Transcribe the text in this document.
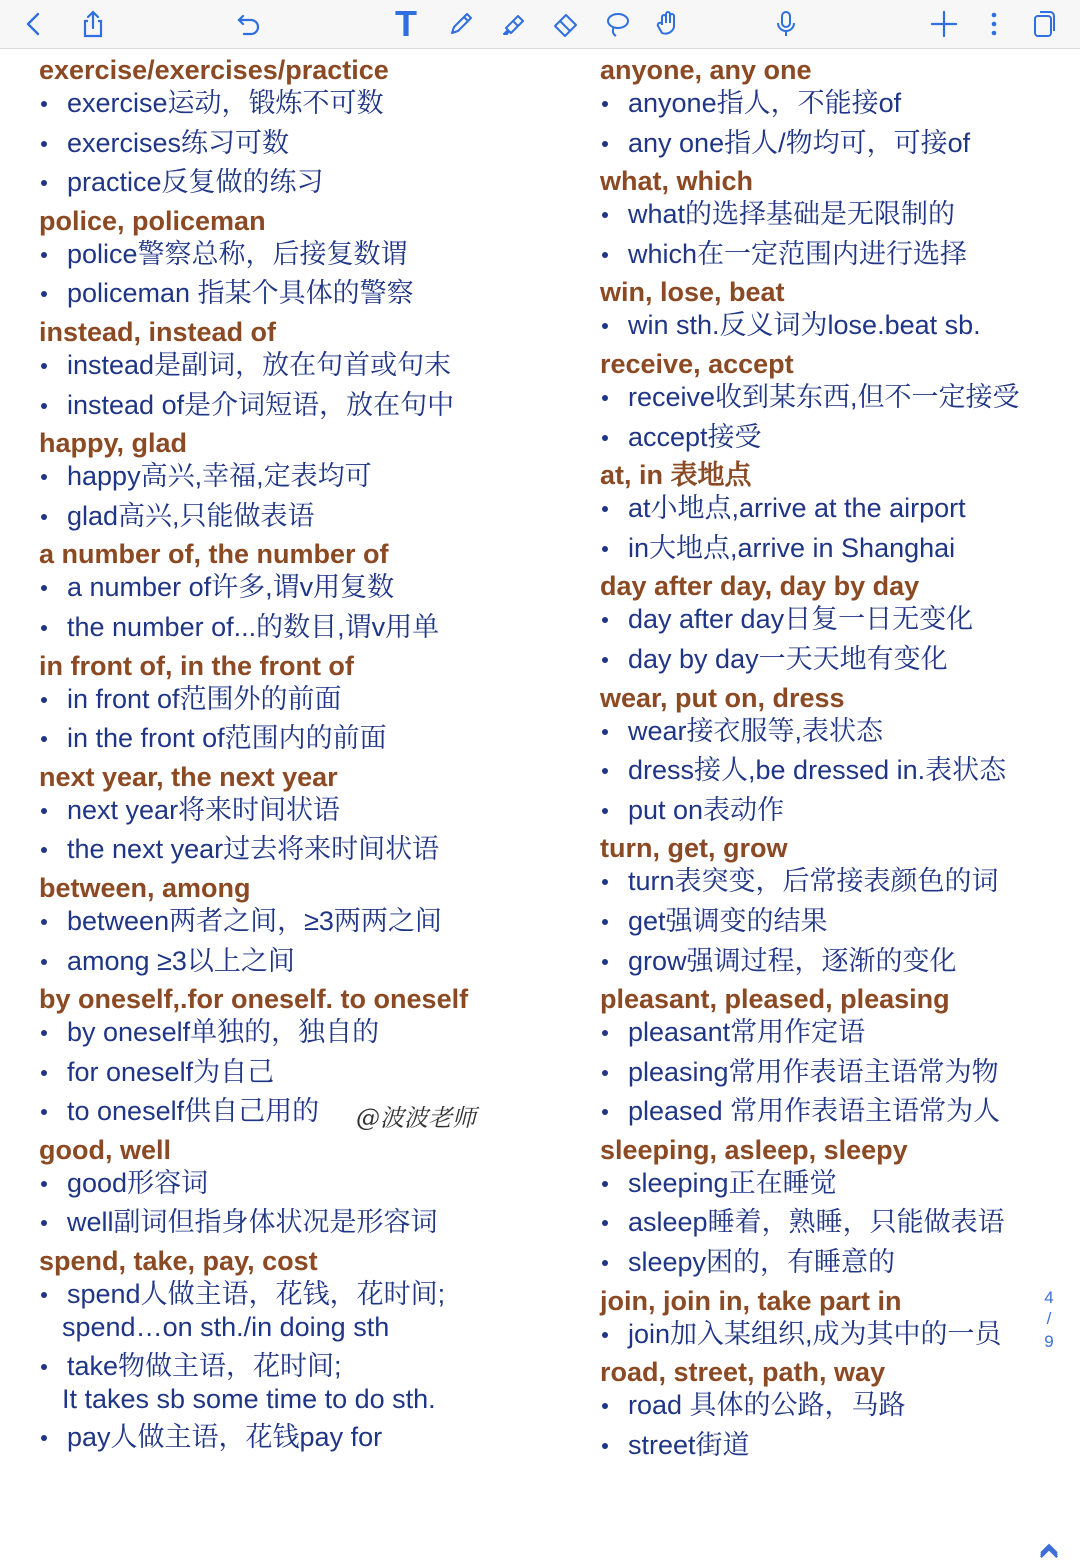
T
exercise/exercises/practice
exercise运动，锻炼不可数
exercises练习可数
practice反复做的练习
police, policeman
police警察总称，后接复数谓
policeman 指某个具体的警察
instead, instead of
instead是副词，放在句首或句末
instead of是介词短语，放在句中
happy, glad
happy高兴,幸福,定表均可
glad高兴,只能做表语
a number of, the number of
a number of许多,谓v用复数
the number of...的数目,谓v用单
in front of, in the front of
in front of范围外的前面
in the front of范围内的前面
next year, the next year
next year将来时间状语
the next year过去将来时间状语
between, among
between两者之间，≥3两两之间
among ≥3以上之间
by oneself,.for oneself. to oneself
by oneself单独的，独自的
for oneself为自己
to oneself供自己用的
good, well
good形容词
well副词但指身体状况是形容词
spend, take, pay, cost
spend人做主语，花钱，花时间;
spend…on sth./in doing sth
take物做主语，花时间;
It takes sb some time to do sth.
pay人做主语，花钱pay for
anyone, any one
anyone指人，不能接of
any one指人/物均可，可接of
what, which
what的选择基础是无限制的
which在一定范围内进行选择
win, lose, beat
win sth.反义词为lose.beat sb.
receive, accept
receive收到某东西,但不一定接受
accept接受
at, in 表地点
at小地点,arrive at the airport
in大地点,arrive in Shanghai
day after day, day by day
day after day日复一日无变化
day by day一天天地有变化
wear, put on, dress
wear接衣服等,表状态
dress接人,be dressed in.表状态
put on表动作
turn, get, grow
turn表突变，后常接表颜色的词
get强调变的结果
grow强调过程，逐渐的变化
pleasant, pleased, pleasing
pleasant常用作定语
pleasing常用作表语主语常为物
pleased 常用作表语主语常为人
sleeping, asleep, sleepy
sleeping正在睡觉
asleep睡着，熟睡，只能做表语
sleepy困的，有睡意的
join, join in, take part in
join加入某组织,成为其中的一员
road, street, path, way
road 具体的公路，马路
street街道
@波波老师
4
/
9
